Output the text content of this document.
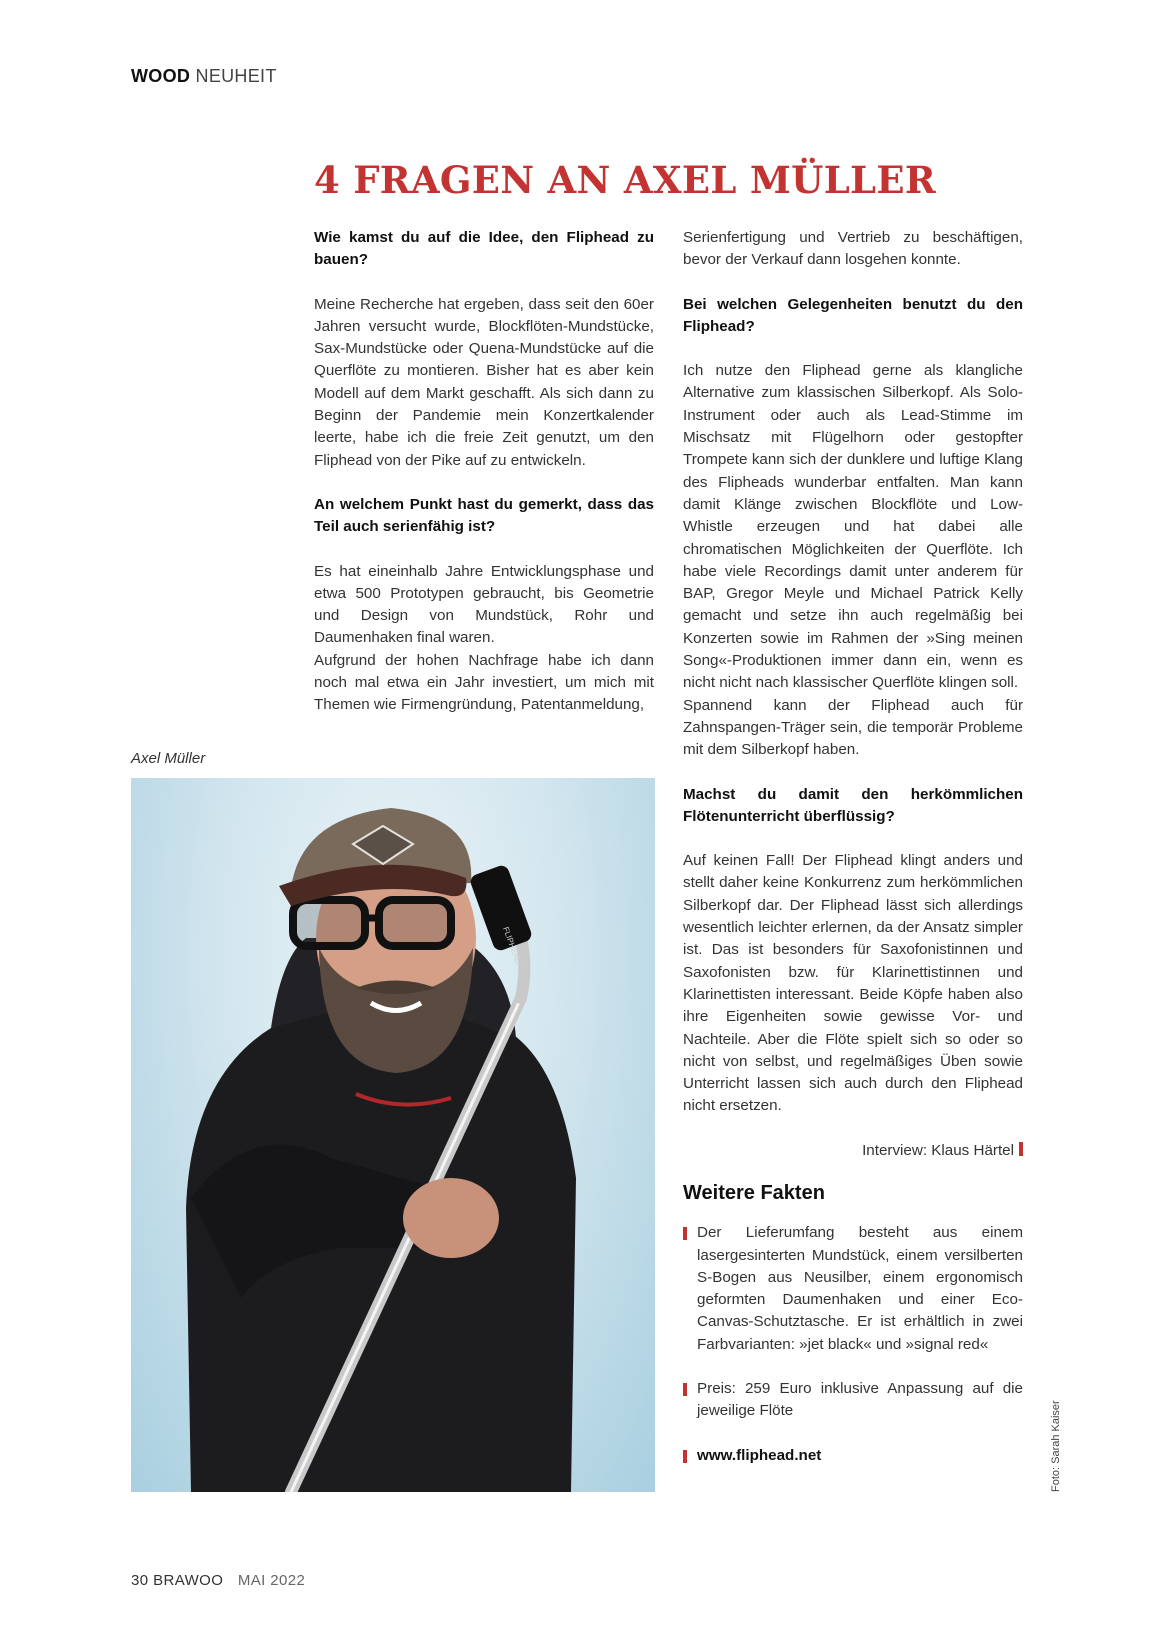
WOOD NEUHEIT
4 FRAGEN AN AXEL MÜLLER

Wie kamst du auf die Idee, den Fliphead zu bauen?

Meine Recherche hat ergeben, dass seit den 60er Jahren versucht wurde, Blockflöten-Mundstücke, Sax-Mundstücke oder Quena-Mundstücke auf die Querflöte zu montieren. Bisher hat es aber kein Modell auf dem Markt geschafft. Als sich dann zu Beginn der Pandemie mein Konzertkalender leerte, habe ich die freie Zeit genutzt, um den Fliphead von der Pike auf zu entwickeln.

An welchem Punkt hast du gemerkt, dass das Teil auch serienfähig ist?

Es hat eineinhalb Jahre Entwicklungsphase und etwa 500 Prototypen gebraucht, bis Geometrie und Design von Mundstück, Rohr und Daumenhaken final waren.

Aufgrund der hohen Nachfrage habe ich dann noch mal etwa ein Jahr investiert, um mich mit Themen wie Firmengründung, Patentanmeldung,

Serienfertigung und Vertrieb zu beschäftigen, bevor der Verkauf dann losgehen konnte.

Bei welchen Gelegenheiten benutzt du den Fliphead?

Ich nutze den Fliphead gerne als klangliche Alternative zum klassischen Silberkopf. Als Solo-Instrument oder auch als Lead-Stimme im Mischsatz mit Flügelhorn oder gestopfter Trompete kann sich der dunklere und luftige Klang des Flipheads wunderbar entfalten. Man kann damit Klänge zwischen Blockflöte und Low-Whistle erzeugen und hat dabei alle chromatischen Möglichkeiten der Querflöte. Ich habe viele Recordings damit unter anderem für BAP, Gregor Meyle und Michael Patrick Kelly gemacht und setze ihn auch regelmäßig bei Konzerten sowie im Rahmen der »Sing meinen Song«-Produktionen immer dann ein, wenn es nicht nicht nach klassischer Querflöte klingen soll.

Spannend kann der Fliphead auch für Zahnspangen-Träger sein, die temporär Probleme mit dem Silberkopf haben.

Machst du damit den herkömmlichen Flötenunterricht überflüssig?

Auf keinen Fall! Der Fliphead klingt anders und stellt daher keine Konkurrenz zum herkömmlichen Silberkopf dar. Der Fliphead lässt sich allerdings wesentlich leichter erlernen, da der Ansatz simpler ist. Das ist besonders für Saxofonistinnen und Saxofonisten bzw. für Klarinettistinnen und Klarinettisten interessant. Beide Köpfe haben also ihre Eigenheiten sowie gewisse Vor- und Nachteile. Aber die Flöte spielt sich so oder so nicht von selbst, und regelmäßiges Üben sowie Unterricht lassen sich auch durch den Fliphead nicht ersetzen.

Interview: Klaus Härtel

Weitere Fakten

Der Lieferumfang besteht aus einem lasergesinterten Mundstück, einem versilberten S-Bogen aus Neusilber, einem ergonomisch geformten Daumenhaken und einer Eco-Canvas-Schutztasche. Er ist erhältlich in zwei Farbvarianten: »jet black« und »signal red«

Preis: 259 Euro inklusive Anpassung auf die jeweilige Flöte

www.fliphead.net

Axel Müller
FLIPHEAD
Foto: Sarah Kaiser
30 BRAWOO MAI 2022
